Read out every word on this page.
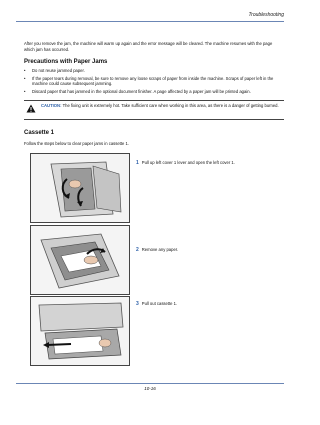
Troubleshooting
After you remove the jam, the machine will warm up again and the error message will be cleared. The machine resumes with the page which jam has occurred.
Precautions with Paper Jams
• Do not reuse jammed paper.
• If the paper tears during removal, be sure to remove any loose scraps of paper from inside the machine. Scraps of paper left in the machine could cause subsequent jamming.
• Discard paper that has jammed in the optional document finisher. A page affected by a paper jam will be printed again.
CAUTION: The fixing unit is extremely hot. Take sufficient care when working in this area, as there is a danger of getting burned.
Cassette 1
Follow the steps below to clear paper jams in cassette 1.
1 Pull up left cover 1 lever and open the left cover 1.
2 Remove any paper.
3 Pull out cassette 1.
10-16
